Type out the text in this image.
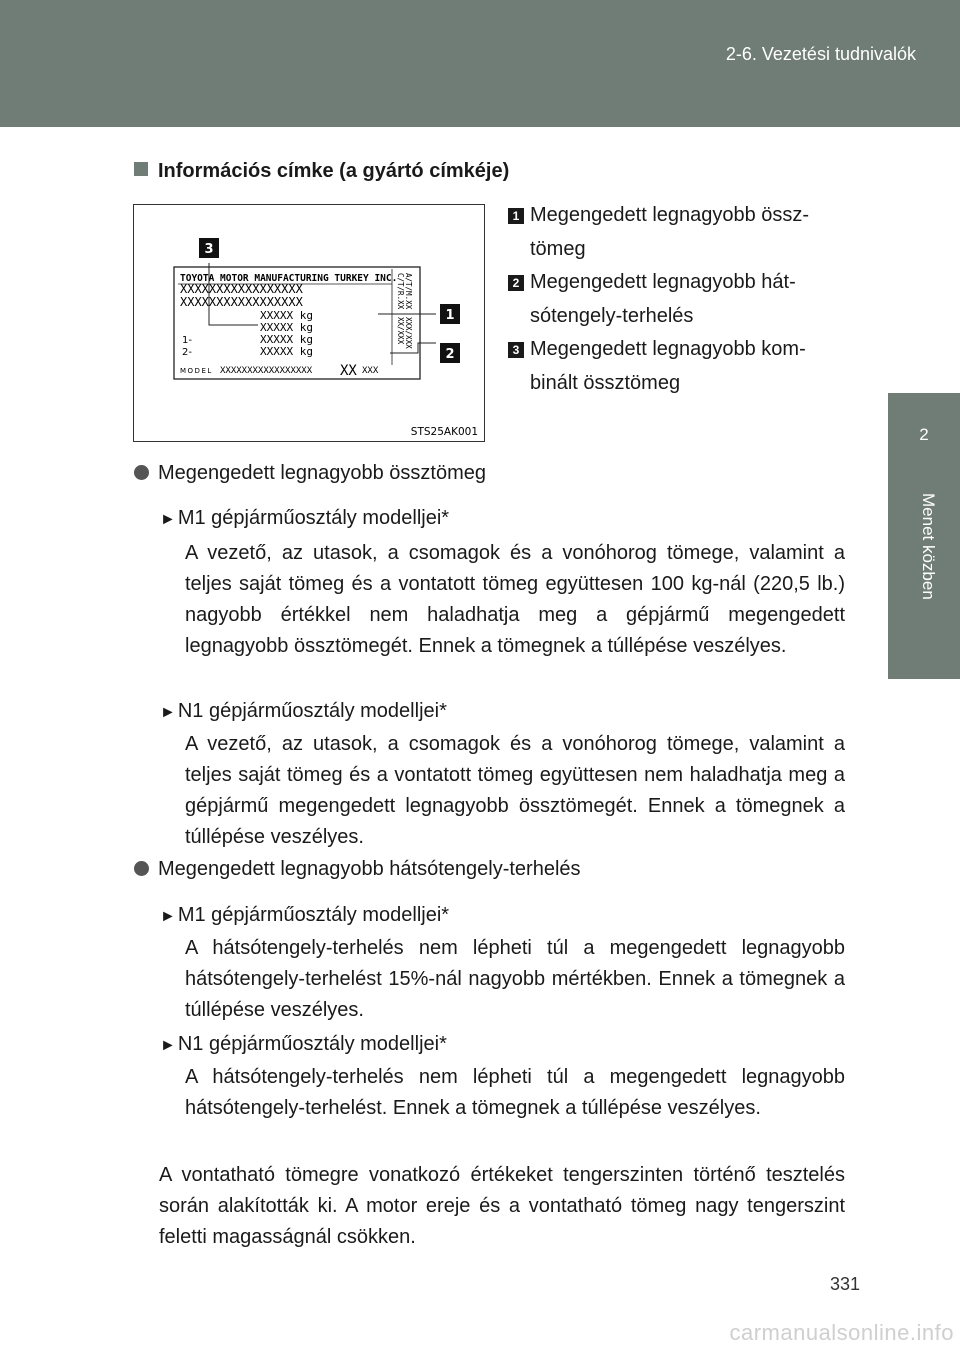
2-6. Vezetési tudnivalók
2
Menet közben
Információs címke (a gyártó címkéje)
TOYOTA MOTOR MANUFACTURING TURKEY INC.
XXXXXXXXXXXXXXXXX
XXXXXXXXXXXXXXXXX
XXXXX kg
XXXXX kg
XXXXX kg
XXXXX kg
1-
2-
MODEL XXXXXXXXXXXXXXXXX XX XXX
C/T/R.XX A/T/M.XX
XX/XXX XXX/XXX
3
1
2
STS25AK001
1 Megengedett legnagyobb össz-
tömeg
2 Megengedett legnagyobb hát-
sótengely-terhelés
3 Megengedett legnagyobb kom-
binált össztömeg
Megengedett legnagyobb össztömeg
► M1 gépjárműosztály modelljei*
A vezető, az utasok, a csomagok és a vonóhorog tömege, valamint a teljes saját tömeg és a vontatott tömeg együttesen 100 kg-nál (220,5 lb.) nagyobb értékkel nem haladhatja meg a gépjármű megengedett legnagyobb össztömegét. Ennek a tömegnek a túllépése veszélyes.
► N1 gépjárműosztály modelljei*
A vezető, az utasok, a csomagok és a vonóhorog tömege, valamint a teljes saját tömeg és a vontatott tömeg együttesen nem haladhatja meg a gépjármű megengedett legnagyobb össztömegét. Ennek a tömegnek a túllépése veszélyes.
Megengedett legnagyobb hátsótengely-terhelés
► M1 gépjárműosztály modelljei*
A hátsótengely-terhelés nem lépheti túl a megengedett legnagyobb hátsótengely-terhelést 15%-nál nagyobb mértékben. Ennek a tömegnek a túllépése veszélyes.
► N1 gépjárműosztály modelljei*
A hátsótengely-terhelés nem lépheti túl a megengedett legnagyobb hátsótengely-terhelést. Ennek a tömegnek a túllépése veszélyes.
A vontatható tömegre vonatkozó értékeket tengerszinten történő tesztelés során alakították ki. A motor ereje és a vontatható tömeg nagy tengerszint feletti magasságnál csökken.
331
carmanualsonline.info
